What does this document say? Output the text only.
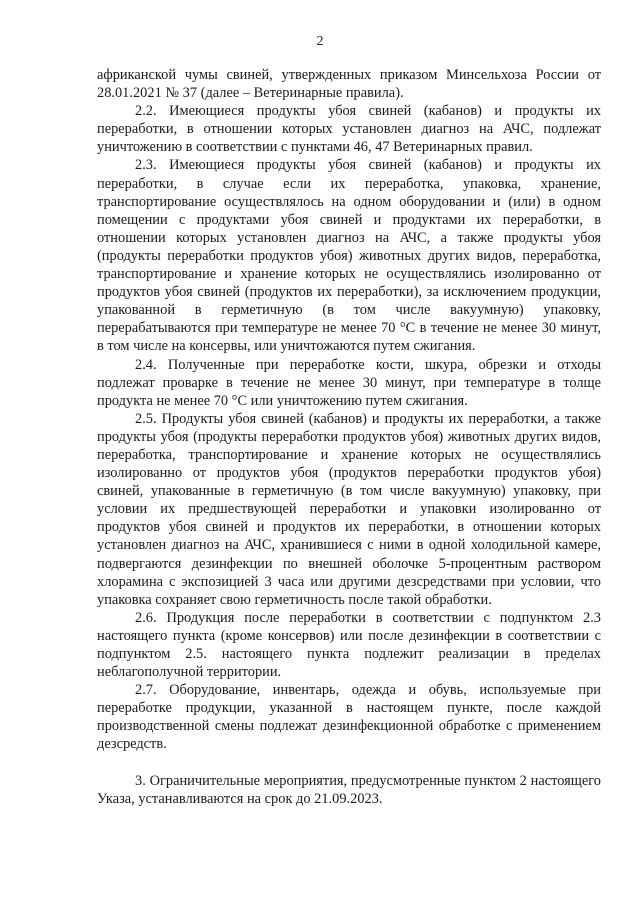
2

африканской чумы свиней, утвержденных приказом Минсельхоза России от 28.01.2021 № 37 (далее – Ветеринарные правила).

2.2. Имеющиеся продукты убоя свиней (кабанов) и продукты их переработки, в отношении которых установлен диагноз на АЧС, подлежат уничтожению в соответствии с пунктами 46, 47 Ветеринарных правил.

2.3. Имеющиеся продукты убоя свиней (кабанов) и продукты их переработки, в случае если их переработка, упаковка, хранение, транспортирование осуществлялось на одном оборудовании и (или) в одном помещении с продуктами убоя свиней и продуктами их переработки, в отношении которых установлен диагноз на АЧС, а также продукты убоя (продукты переработки продуктов убоя) животных других видов, переработка, транспортирование и хранение которых не осуществлялись изолированно от продуктов убоя свиней (продуктов их переработки), за исключением продукции, упакованной в герметичную (в том числе вакуумную) упаковку, перерабатываются при температуре не менее 70 °С в течение не менее 30 минут, в том числе на консервы, или уничтожаются путем сжигания.

2.4. Полученные при переработке кости, шкура, обрезки и отходы подлежат проварке в течение не менее 30 минут, при температуре в толще продукта не менее 70 °С или уничтожению путем сжигания.

2.5. Продукты убоя свиней (кабанов) и продукты их переработки, а также продукты убоя (продукты переработки продуктов убоя) животных других видов, переработка, транспортирование и хранение которых не осуществлялись изолированно от продуктов убоя (продуктов переработки продуктов убоя) свиней, упакованные в герметичную (в том числе вакуумную) упаковку, при условии их предшествующей переработки и упаковки изолированно от продуктов убоя свиней и продуктов их переработки, в отношении которых установлен диагноз на АЧС, хранившиеся с ними в одной холодильной камере, подвергаются дезинфекции по внешней оболочке 5-процентным раствором хлорамина с экспозицией 3 часа или другими дезсредствами при условии, что упаковка сохраняет свою герметичность после такой обработки.

2.6. Продукция после переработки в соответствии с подпунктом 2.3 настоящего пункта (кроме консервов) или после дезинфекции в соответствии с подпунктом 2.5. настоящего пункта подлежит реализации в пределах неблагополучной территории.

2.7. Оборудование, инвентарь, одежда и обувь, используемые при переработке продукции, указанной в настоящем пункте, после каждой производственной смены подлежат дезинфекционной обработке с применением дезсредств.

3. Ограничительные мероприятия, предусмотренные пунктом 2 настоящего Указа, устанавливаются на срок до 21.09.2023.
